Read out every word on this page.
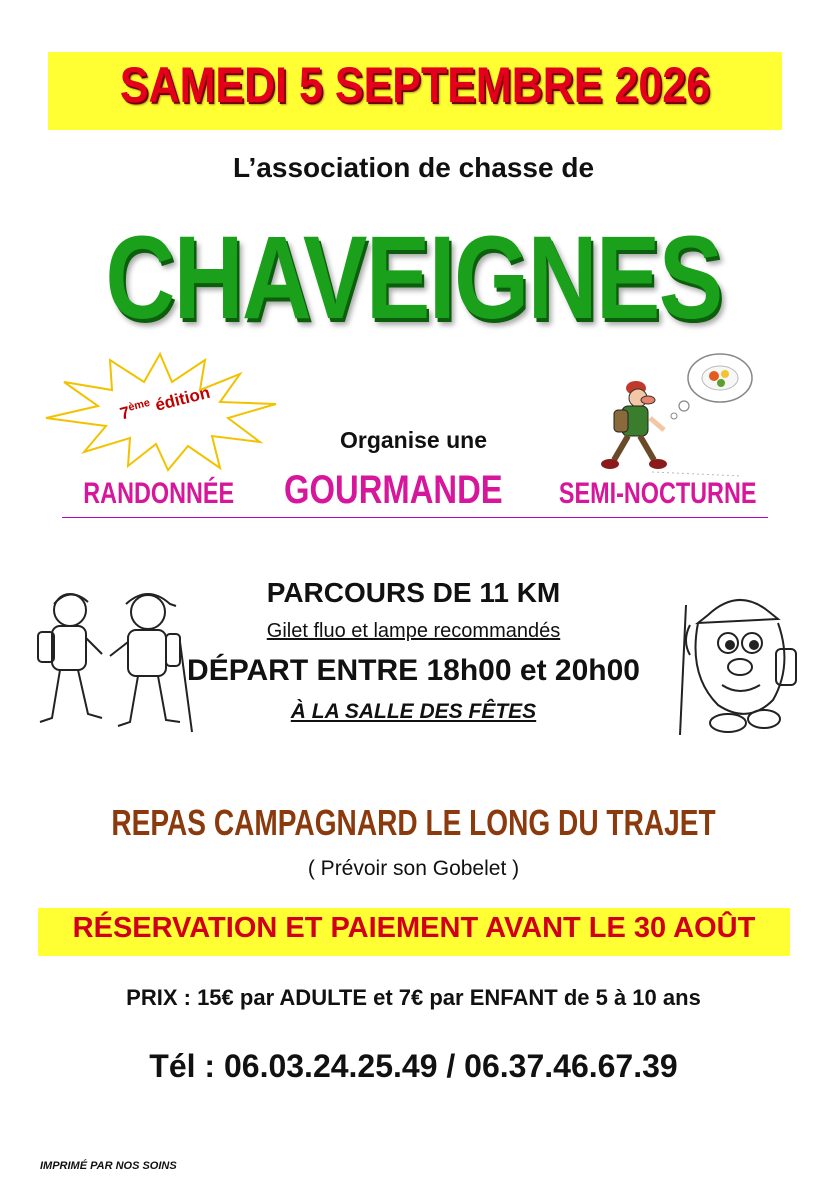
SAMEDI 5 SEPTEMBRE 2026
L’association de chasse de
CHAVEIGNES
7ème édition
Organise une
RANDONNÉE GOURMANDE SEMI-NOCTURNE
PARCOURS DE 11 KM
Gilet fluo et lampe recommandés
DÉPART ENTRE 18h00 et 20h00
À LA SALLE DES FÊTES
REPAS CAMPAGNARD LE LONG DU TRAJET
( Prévoir son Gobelet )
RÉSERVATION ET PAIEMENT AVANT LE 30 AOÛT
PRIX : 15€ par ADULTE et 7€ par ENFANT de 5 à 10 ans
Tél : 06.03.24.25.49 / 06.37.46.67.39
IMPRIMÉ PAR NOS SOINS
